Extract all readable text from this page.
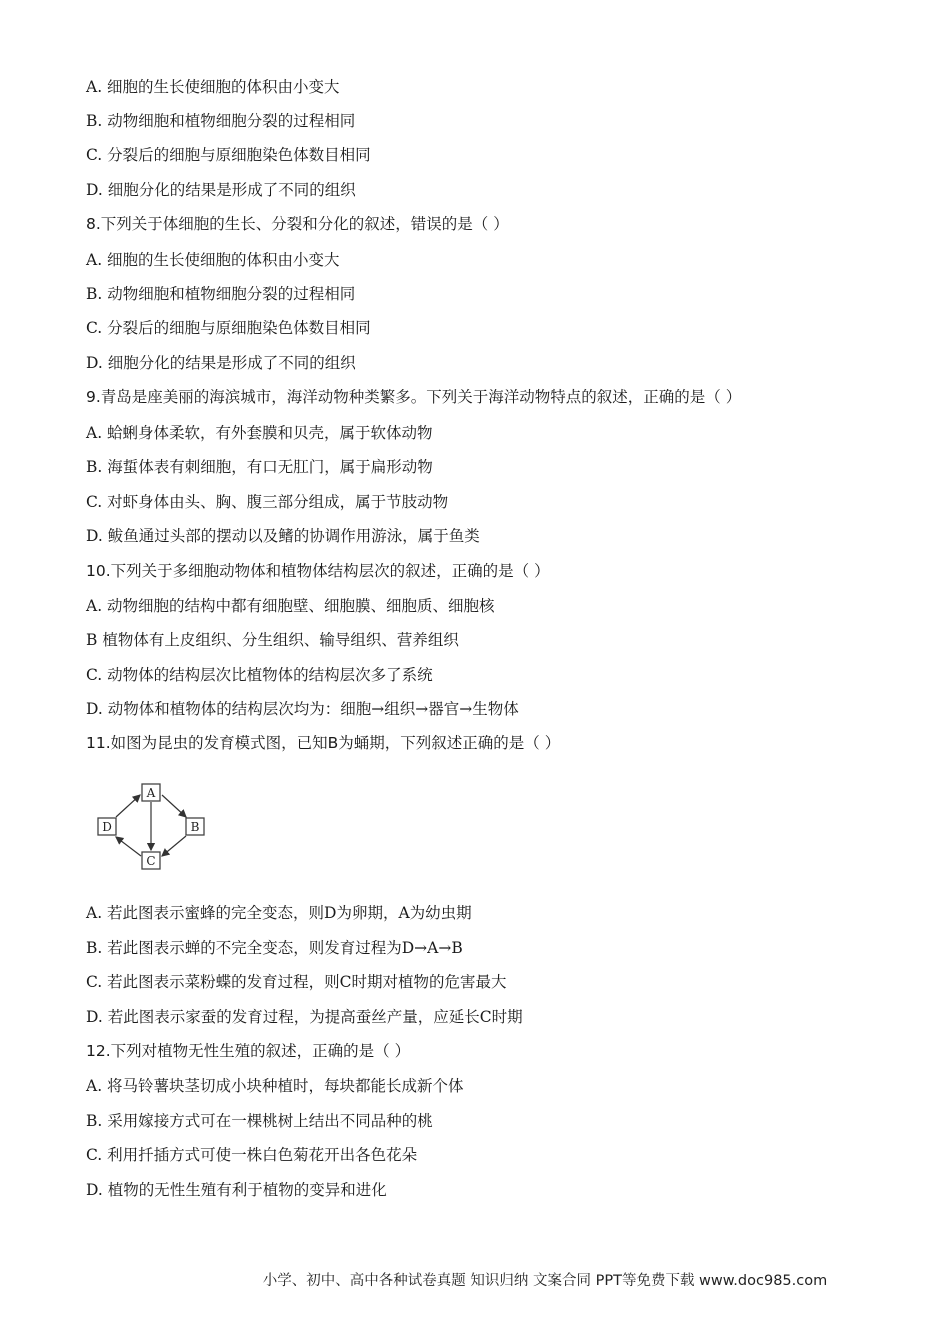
A. 细胞的生长使细胞的体积由小变大
B. 动物细胞和植物细胞分裂的过程相同
C. 分裂后的细胞与原细胞染色体数目相同
D. 细胞分化的结果是形成了不同的组织
8.下列关于体细胞的生长、分裂和分化的叙述，错误的是（ ）
A. 细胞的生长使细胞的体积由小变大
B. 动物细胞和植物细胞分裂的过程相同
C. 分裂后的细胞与原细胞染色体数目相同
D. 细胞分化的结果是形成了不同的组织
9.青岛是座美丽的海滨城市，海洋动物种类繁多。下列关于海洋动物特点的叙述，正确的是（ ）
A. 蛤蜊身体柔软，有外套膜和贝壳，属于软体动物
B. 海蜇体表有刺细胞，有口无肛门，属于扁形动物
C. 对虾身体由头、胸、腹三部分组成，属于节肢动物
D. 鲅鱼通过头部的摆动以及鳍的协调作用游泳，属于鱼类
10.下列关于多细胞动物体和植物体结构层次的叙述，正确的是（ ）
A. 动物细胞的结构中都有细胞壁、细胞膜、细胞质、细胞核
B 植物体有上皮组织、分生组织、输导组织、营养组织
C. 动物体的结构层次比植物体的结构层次多了系统
D. 动物体和植物体的结构层次均为：细胞→组织→器官→生物体
11.如图为昆虫的发育模式图，已知B为蛹期，下列叙述正确的是（ ）
A
B
C
D
A. 若此图表示蜜蜂的完全变态，则D为卵期，A为幼虫期
B. 若此图表示蝉的不完全变态，则发育过程为D→A→B
C. 若此图表示菜粉蝶的发育过程，则C时期对植物的危害最大
D. 若此图表示家蚕的发育过程，为提高蚕丝产量，应延长C时期
12.下列对植物无性生殖的叙述，正确的是（ ）
A. 将马铃薯块茎切成小块种植时，每块都能长成新个体
B. 采用嫁接方式可在一棵桃树上结出不同品种的桃
C. 利用扦插方式可使一株白色菊花开出各色花朵
D. 植物的无性生殖有利于植物的变异和进化
小学、初中、高中各种试卷真题 知识归纳 文案合同 PPT等免费下载 www.doc985.com
